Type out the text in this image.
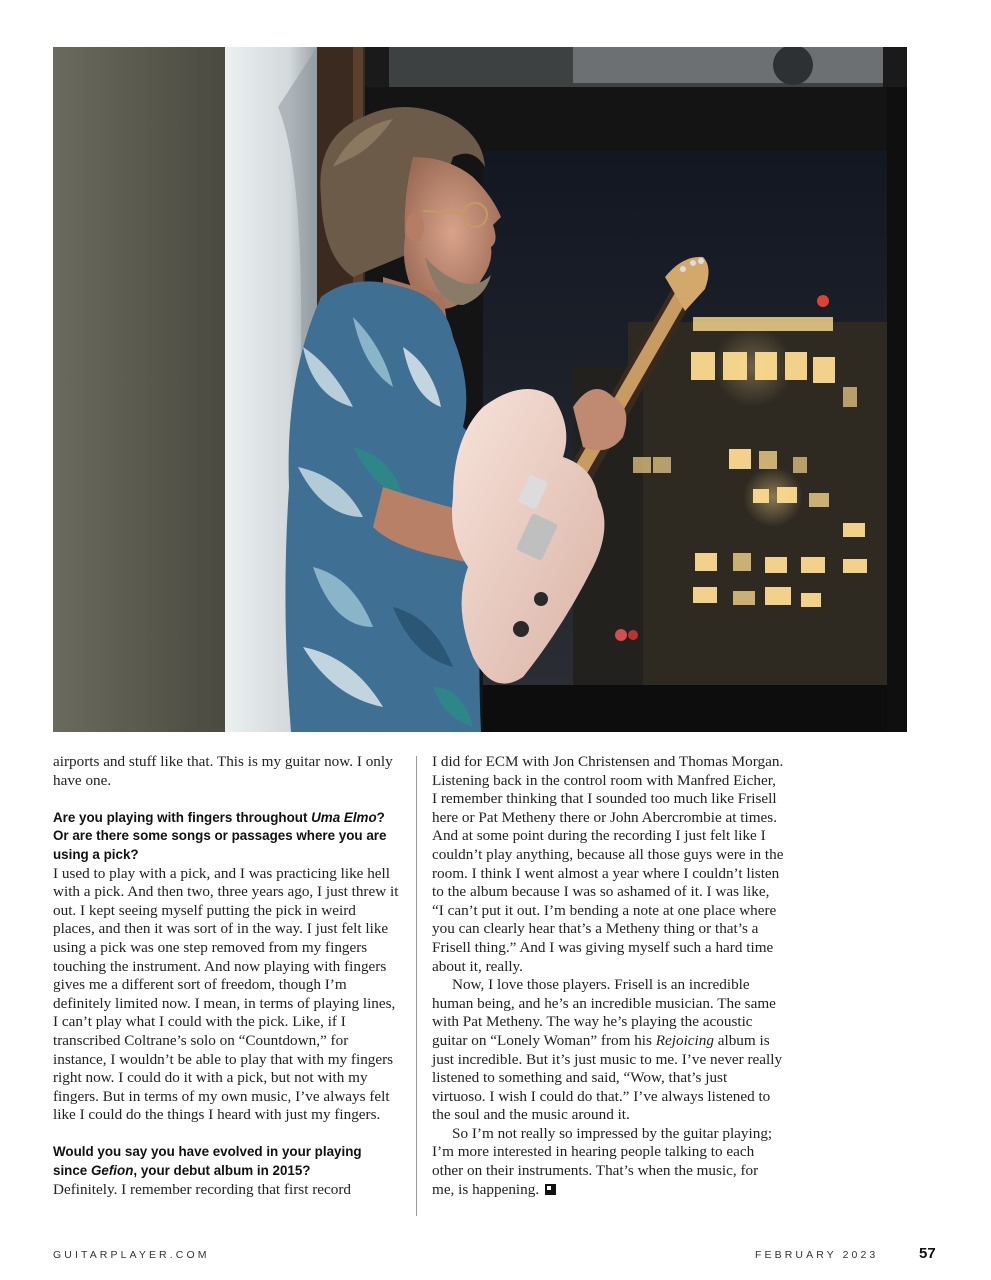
airports and stuff like that. This is my guitar now. I only have one.

Are you playing with fingers throughout Uma Elmo? Or are there some songs or passages where you are using a pick?

I used to play with a pick, and I was practicing like hell with a pick. And then two, three years ago, I just threw it out. I kept seeing myself putting the pick in weird places, and then it was sort of in the way. I just felt like using a pick was one step removed from my fingers touching the instrument. And now playing with fingers gives me a different sort of freedom, though I’m definitely limited now. I mean, in terms of playing lines, I can’t play what I could with the pick. Like, if I transcribed Coltrane’s solo on “Countdown,” for instance, I wouldn’t be able to play that with my fingers right now. I could do it with a pick, but not with my fingers. But in terms of my own music, I’ve always felt like I could do the things I heard with just my fingers.

Would you say you have evolved in your playing since Gefion, your debut album in 2015?

Definitely. I remember recording that first record

I did for ECM with Jon Christensen and Thomas Morgan. Listening back in the control room with Manfred Eicher, I remember thinking that I sounded too much like Frisell here or Pat Metheny there or John Abercrombie at times. And at some point during the recording I just felt like I couldn’t play anything, because all those guys were in the room. I think I went almost a year where I couldn’t listen to the album because I was so ashamed of it. I was like, “I can’t put it out. I’m bending a note at one place where you can clearly hear that’s a Metheny thing or that’s a Frisell thing.” And I was giving myself such a hard time about it, really.

Now, I love those players. Frisell is an incredible human being, and he’s an incredible musician. The same with Pat Metheny. The way he’s playing the acoustic guitar on “Lonely Woman” from his Rejoicing album is just incredible. But it’s just music to me. I’ve never really listened to something and said, “Wow, that’s just virtuoso. I wish I could do that.” I’ve always listened to the soul and the music around it.

So I’m not really so impressed by the guitar playing; I’m more interested in hearing people talking to each other on their instruments. That’s when the music, for me, is happening.

GUITARPLAYER.COM	FEBRUARY 2023	57
